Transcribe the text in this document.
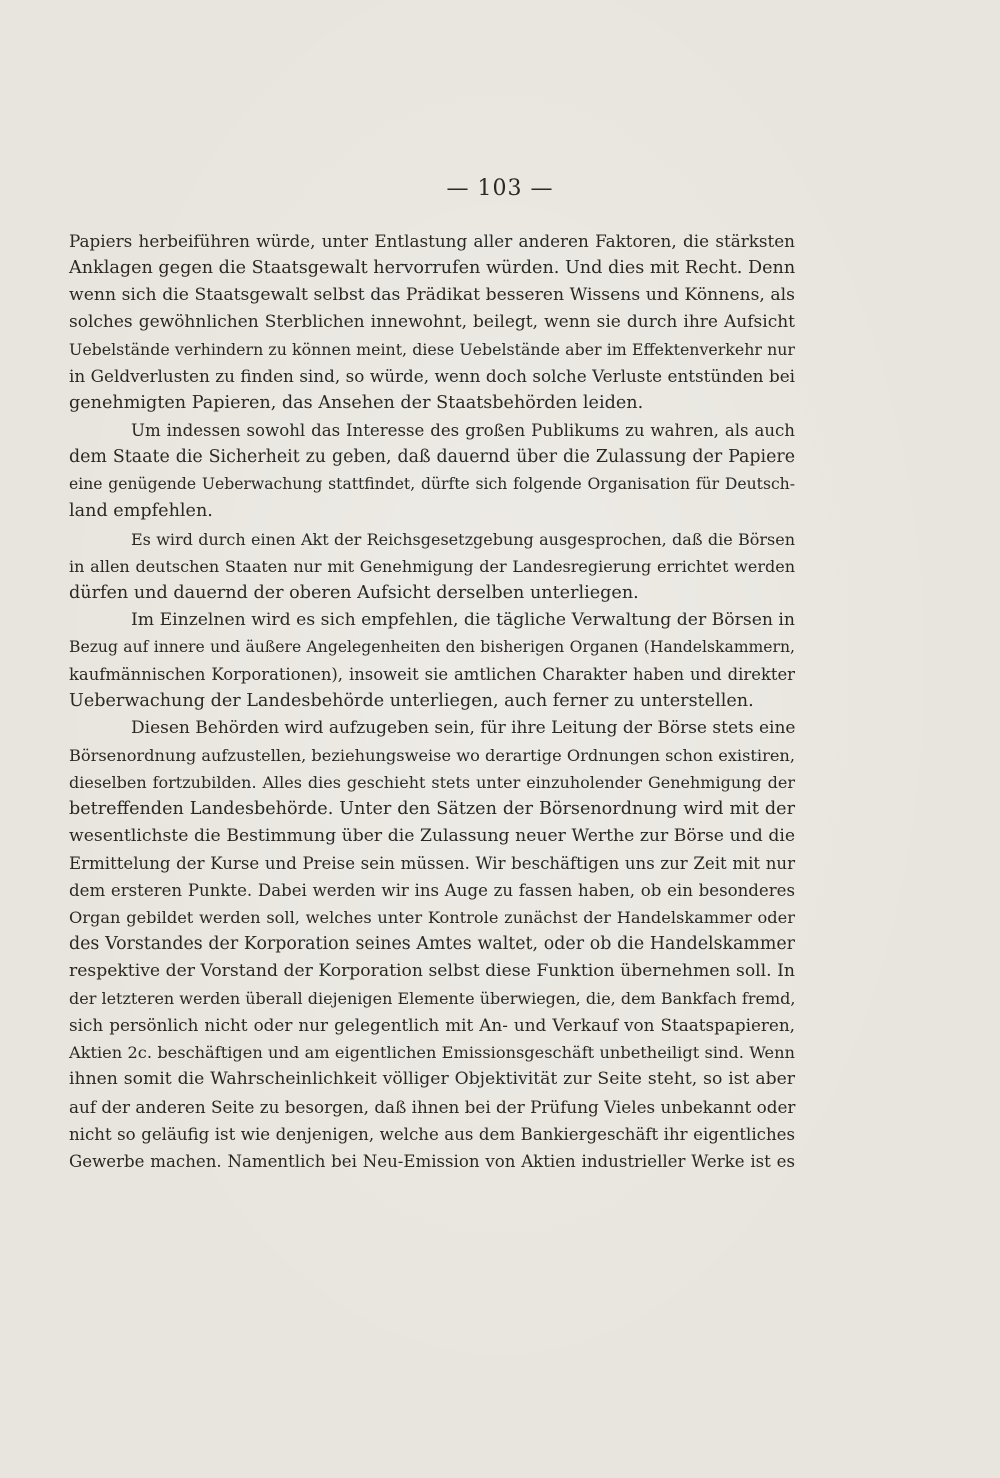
— 103 —
Papiers herbeiführen würde, unter Entlastung aller anderen Faktoren, die stärksten
Anklagen gegen die Staatsgewalt hervorrufen würden. Und dies mit Recht. Denn
wenn sich die Staatsgewalt selbst das Prädikat besseren Wissens und Könnens, als
solches gewöhnlichen Sterblichen innewohnt, beilegt, wenn sie durch ihre Aufsicht
Uebelstände verhindern zu können meint, diese Uebelstände aber im Effektenverkehr nur
in Geldverlusten zu finden sind, so würde, wenn doch solche Verluste entstünden bei
genehmigten Papieren, das Ansehen der Staatsbehörden leiden.
Um indessen sowohl das Interesse des großen Publikums zu wahren, als auch
dem Staate die Sicherheit zu geben, daß dauernd über die Zulassung der Papiere
eine genügende Ueberwachung stattfindet, dürfte sich folgende Organisation für Deutsch-
land empfehlen.
Es wird durch einen Akt der Reichsgesetzgebung ausgesprochen, daß die Börsen
in allen deutschen Staaten nur mit Genehmigung der Landesregierung errichtet werden
dürfen und dauernd der oberen Aufsicht derselben unterliegen.
Im Einzelnen wird es sich empfehlen, die tägliche Verwaltung der Börsen in
Bezug auf innere und äußere Angelegenheiten den bisherigen Organen (Handelskammern,
kaufmännischen Korporationen), insoweit sie amtlichen Charakter haben und direkter
Ueberwachung der Landesbehörde unterliegen, auch ferner zu unterstellen.
Diesen Behörden wird aufzugeben sein, für ihre Leitung der Börse stets eine
Börsenordnung aufzustellen, beziehungsweise wo derartige Ordnungen schon existiren,
dieselben fortzubilden. Alles dies geschieht stets unter einzuholender Genehmigung der
betreffenden Landesbehörde. Unter den Sätzen der Börsenordnung wird mit der
wesentlichste die Bestimmung über die Zulassung neuer Werthe zur Börse und die
Ermittelung der Kurse und Preise sein müssen. Wir beschäftigen uns zur Zeit mit nur
dem ersteren Punkte. Dabei werden wir ins Auge zu fassen haben, ob ein besonderes
Organ gebildet werden soll, welches unter Kontrole zunächst der Handelskammer oder
des Vorstandes der Korporation seines Amtes waltet, oder ob die Handelskammer
respektive der Vorstand der Korporation selbst diese Funktion übernehmen soll. In
der letzteren werden überall diejenigen Elemente überwiegen, die, dem Bankfach fremd,
sich persönlich nicht oder nur gelegentlich mit An- und Verkauf von Staatspapieren,
Aktien 2c. beschäftigen und am eigentlichen Emissionsgeschäft unbetheiligt sind. Wenn
ihnen somit die Wahrscheinlichkeit völliger Objektivität zur Seite steht, so ist aber
auf der anderen Seite zu besorgen, daß ihnen bei der Prüfung Vieles unbekannt oder
nicht so geläufig ist wie denjenigen, welche aus dem Bankiergeschäft ihr eigentliches
Gewerbe machen. Namentlich bei Neu-Emission von Aktien industrieller Werke ist es
